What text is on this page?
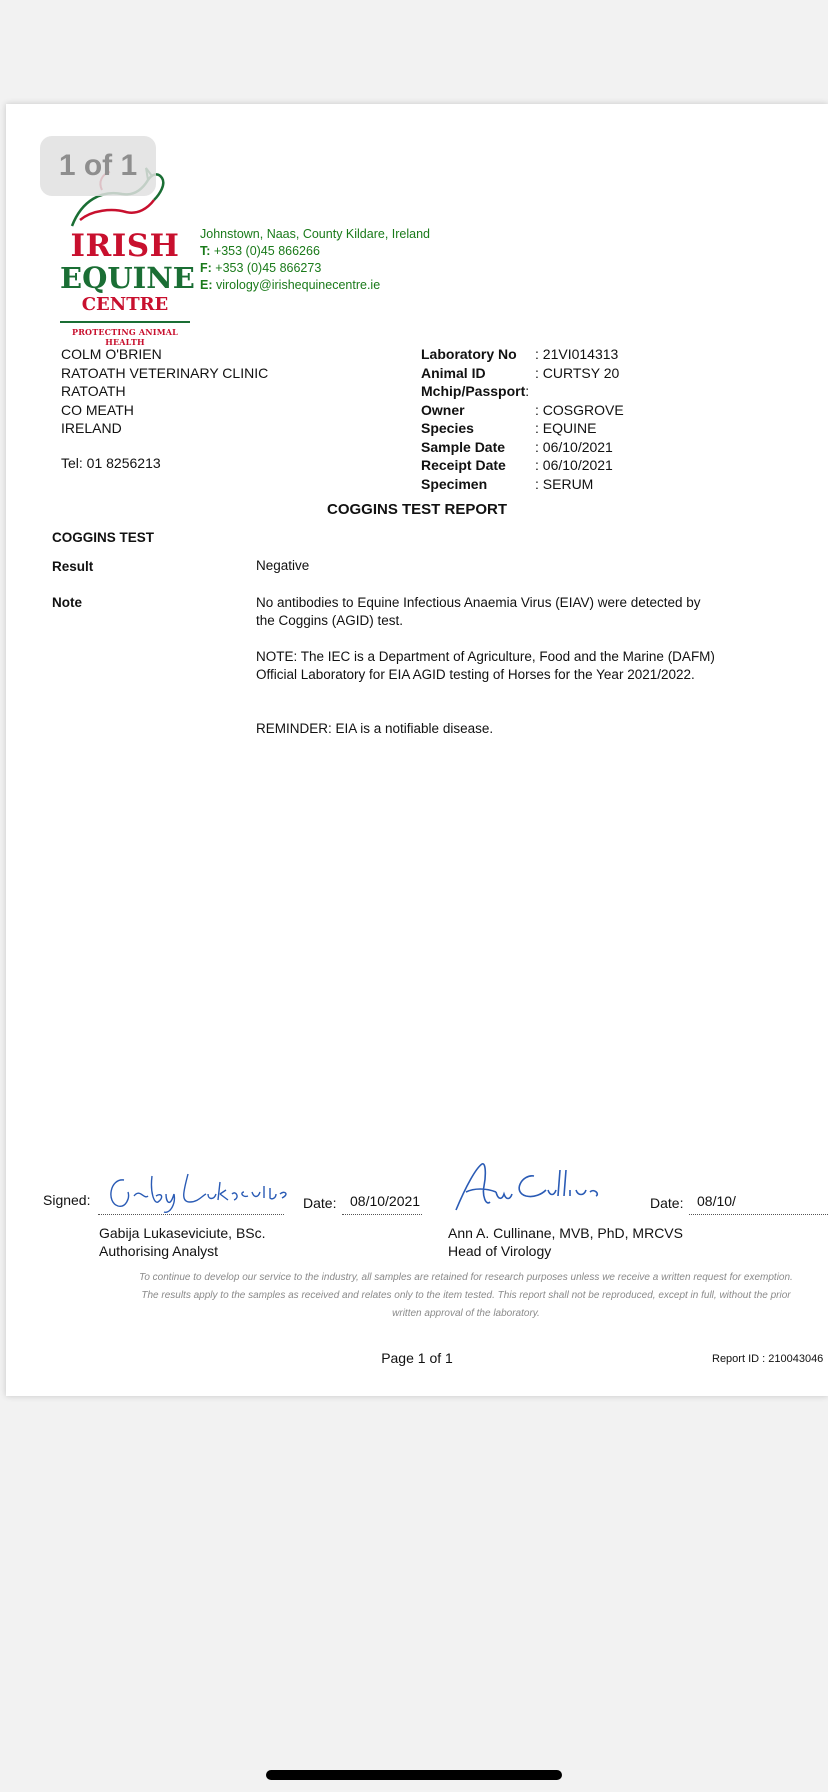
1 of 1
IRISH
EQUINE
CENTRE
PROTECTING ANIMAL HEALTH
Johnstown, Naas, County Kildare, Ireland
T: +353 (0)45 866266
F: +353 (0)45 866273
E: virology@irishequinecentre.ie
COLM O'BRIEN
RATOATH VETERINARY CLINIC
RATOATH
CO MEATH
IRELAND
Tel: 01 8256213
Laboratory No	: 21VI014313
Animal ID	: CURTSY 20
Mchip/Passport :
Owner	: COSGROVE
Species	: EQUINE
Sample Date	: 06/10/2021
Receipt Date	: 06/10/2021
Specimen	: SERUM
COGGINS TEST REPORT
COGGINS TEST
Result	Negative
Note	No antibodies to Equine Infectious Anaemia Virus (EIAV) were detected by the Coggins (AGID) test.
NOTE: The IEC is a Department of Agriculture, Food and the Marine (DAFM) Official Laboratory for EIA AGID testing of Horses for the Year 2021/2022.
REMINDER: EIA is a notifiable disease.
Signed:	Date: 08/10/2021	Date: 08/10/
Gabija Lukaseviciute, BSc.
Authorising Analyst
Ann A. Cullinane, MVB, PhD, MRCVS
Head of Virology
To continue to develop our service to the industry, all samples are retained for research purposes unless we receive a written request for exemption.
The results apply to the samples as received and relates only to the item tested. This report shall not be reproduced, except in full, without the prior
written approval of the laboratory.
Page 1 of 1	Report ID : 210043046
